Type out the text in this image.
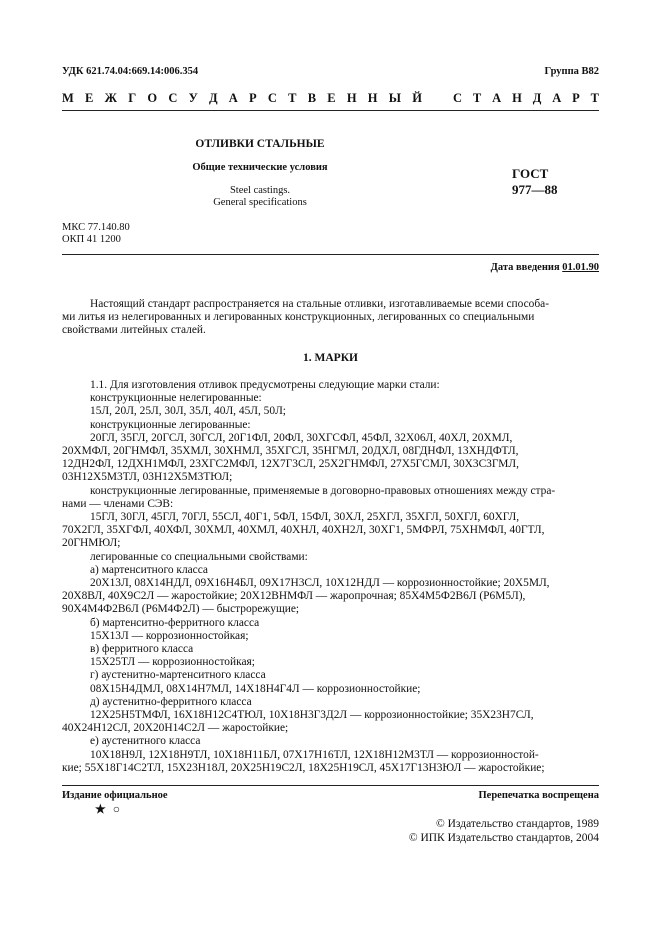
УДК 621.74.04:669.14:006.354	Группа В82
М Е Ж Г О С У Д А Р С Т В Е Н Н Ы Й С Т А Н Д А Р Т
ОТЛИВКИ СТАЛЬНЫЕ
Общие технические условия
Steel castings.
General specifications
ГОСТ
977—88
МКС 77.140.80
ОКП 41 1200
Дата введения 01.01.90

Настоящий стандарт распространяется на стальные отливки, изготавливаемые всеми способа-

ми литья из нелегированных и легированных конструкционных, легированных со специальными

свойствами литейных сталей.

1. МАРКИ

1.1. Для изготовления отливок предусмотрены следующие марки стали:

конструкционные нелегированные:

15Л, 20Л, 25Л, 30Л, 35Л, 40Л, 45Л, 50Л;

конструкционные легированные:

20ГЛ, 35ГЛ, 20ГСЛ, 30ГСЛ, 20Г1ФЛ, 20ФЛ, 30ХГСФЛ, 45ФЛ, 32Х06Л, 40ХЛ, 20ХМЛ,

20ХМФЛ, 20ГНМФЛ, 35ХМЛ, 30ХНМЛ, 35ХГСЛ, 35НГМЛ, 20ДХЛ, 08ГДНФЛ, 13ХНДФТЛ,

12ДН2ФЛ, 12ДХН1МФЛ, 23ХГС2МФЛ, 12Х7Г3СЛ, 25Х2ГНМФЛ, 27Х5ГСМЛ, 30Х3С3ГМЛ,

03Н12Х5М3ТЛ, 03Н12Х5М3ТЮЛ;

конструкционные легированные, применяемые в договорно-правовых отношениях между стра-

нами — членами СЭВ:

15ГЛ, 30ГЛ, 45ГЛ, 70ГЛ, 55СЛ, 40Г1, 5ФЛ, 15ФЛ, 30ХЛ, 25ХГЛ, 35ХГЛ, 50ХГЛ, 60ХГЛ,

70Х2ГЛ, 35ХГФЛ, 40ХФЛ, 30ХМЛ, 40ХМЛ, 40ХНЛ, 40ХН2Л, 30ХГ1, 5МФРЛ, 75ХНМФЛ, 40ГТЛ,

20ГНМЮЛ;

легированные со специальными свойствами:

а) мартенситного класса

20Х13Л, 08Х14НДЛ, 09Х16Н4БЛ, 09Х17Н3СЛ, 10Х12НДЛ — коррозионностойкие; 20Х5МЛ,

20Х8ВЛ, 40Х9С2Л — жаростойкие; 20Х12ВНМФЛ — жаропрочная; 85Х4М5Ф2В6Л (Р6М5Л),

90Х4М4Ф2В6Л (Р6М4Ф2Л) — быстрорежущие;

б) мартенситно-ферритного класса

15Х13Л — коррозионностойкая;

в) ферритного класса

15Х25ТЛ — коррозионностойкая;

г) аустенитно-мартенситного класса

08Х15Н4ДМЛ, 08Х14Н7МЛ, 14Х18Н4Г4Л — коррозионностойкие;

д) аустенитно-ферритного класса

12Х25Н5ТМФЛ, 16Х18Н12С4ТЮЛ, 10Х18Н3Г3Д2Л — коррозионностойкие; 35Х23Н7СЛ,

40Х24Н12СЛ, 20Х20Н14С2Л — жаростойкие;

е) аустенитного класса

10Х18Н9Л, 12Х18Н9ТЛ, 10Х18Н11БЛ, 07Х17Н16ТЛ, 12Х18Н12М3ТЛ — коррозионностой-

кие; 55Х18Г14С2ТЛ, 15Х23Н18Л, 20Х25Н19С2Л, 18Х25Н19СЛ, 45Х17Г13Н3ЮЛ — жаростойкие;

Издание официальное	Перепечатка воспрещена
★ ○
© Издательство стандартов, 1989
© ИПК Издательство стандартов, 2004
